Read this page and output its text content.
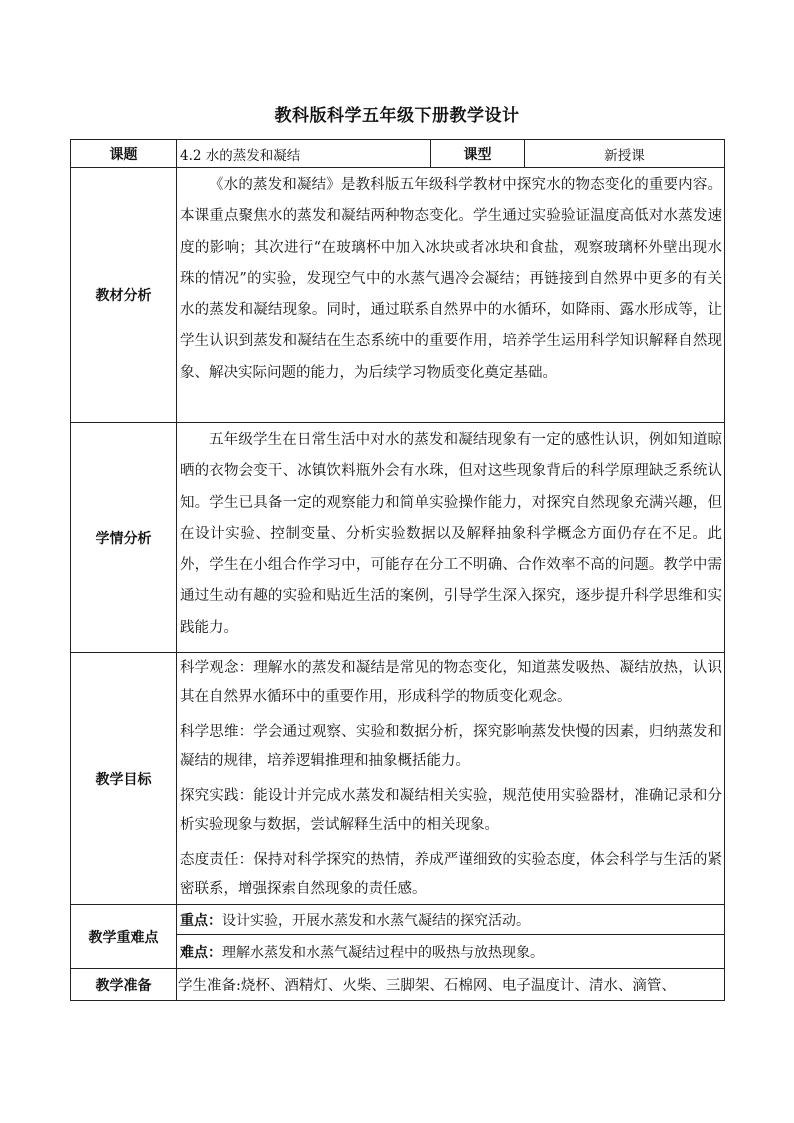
教科版科学五年级下册教学设计
课题	4.2 水的蒸发和凝结	课型	新授课
教材分析	《水的蒸发和凝结》是教科版五年级科学教材中探究水的物态变化的重要内容。本课重点聚焦水的蒸发和凝结两种物态变化。学生通过实验验证温度高低对水蒸发速度的影响；其次进行“在玻璃杯中加入冰块或者冰块和食盐，观察玻璃杯外壁出现水珠的情况”的实验，发现空气中的水蒸气遇冷会凝结；再链接到自然界中更多的有关水的蒸发和凝结现象。同时，通过联系自然界中的水循环，如降雨、露水形成等，让学生认识到蒸发和凝结在生态系统中的重要作用，培养学生运用科学知识解释自然现象、解决实际问题的能力，为后续学习物质变化奠定基础。		

学情分析	五年级学生在日常生活中对水的蒸发和凝结现象有一定的感性认识，例如知道晾晒的衣物会变干、冰镇饮料瓶外会有水珠，但对这些现象背后的科学原理缺乏系统认知。学生已具备一定的观察能力和简单实验操作能力，对探究自然现象充满兴趣，但在设计实验、控制变量、分析实验数据以及解释抽象科学概念方面仍存在不足。此外，学生在小组合作学习中，可能存在分工不明确、合作效率不高的问题。教学中需通过生动有趣的实验和贴近生活的案例，引导学生深入探究，逐步提升科学思维和实践能力。		

教学目标	科学观念：理解水的蒸发和凝结是常见的物态变化，知道蒸发吸热、凝结放热，认识其在自然界水循环中的重要作用，形成科学的物质变化观念。

科学思维：学会通过观察、实验和数据分析，探究影响蒸发快慢的因素，归纳蒸发和凝结的规律，培养逻辑推理和抽象概括能力。

探究实践：能设计并完成水蒸发和凝结相关实验，规范使用实验器材，准确记录和分析实验现象与数据，尝试解释生活中的相关现象。

态度责任：保持对科学探究的热情，养成严谨细致的实验态度，体会科学与生活的紧密联系，增强探索自然现象的责任感。		

教学重难点	重点：设计实验，开展水蒸发和水蒸气凝结的探究活动。		
	难点：理解水蒸发和水蒸气凝结过程中的吸热与放热现象。		
教学准备	学生准备:烧杯、酒精灯、火柴、三脚架、石棉网、电子温度计、清水、滴管、		
